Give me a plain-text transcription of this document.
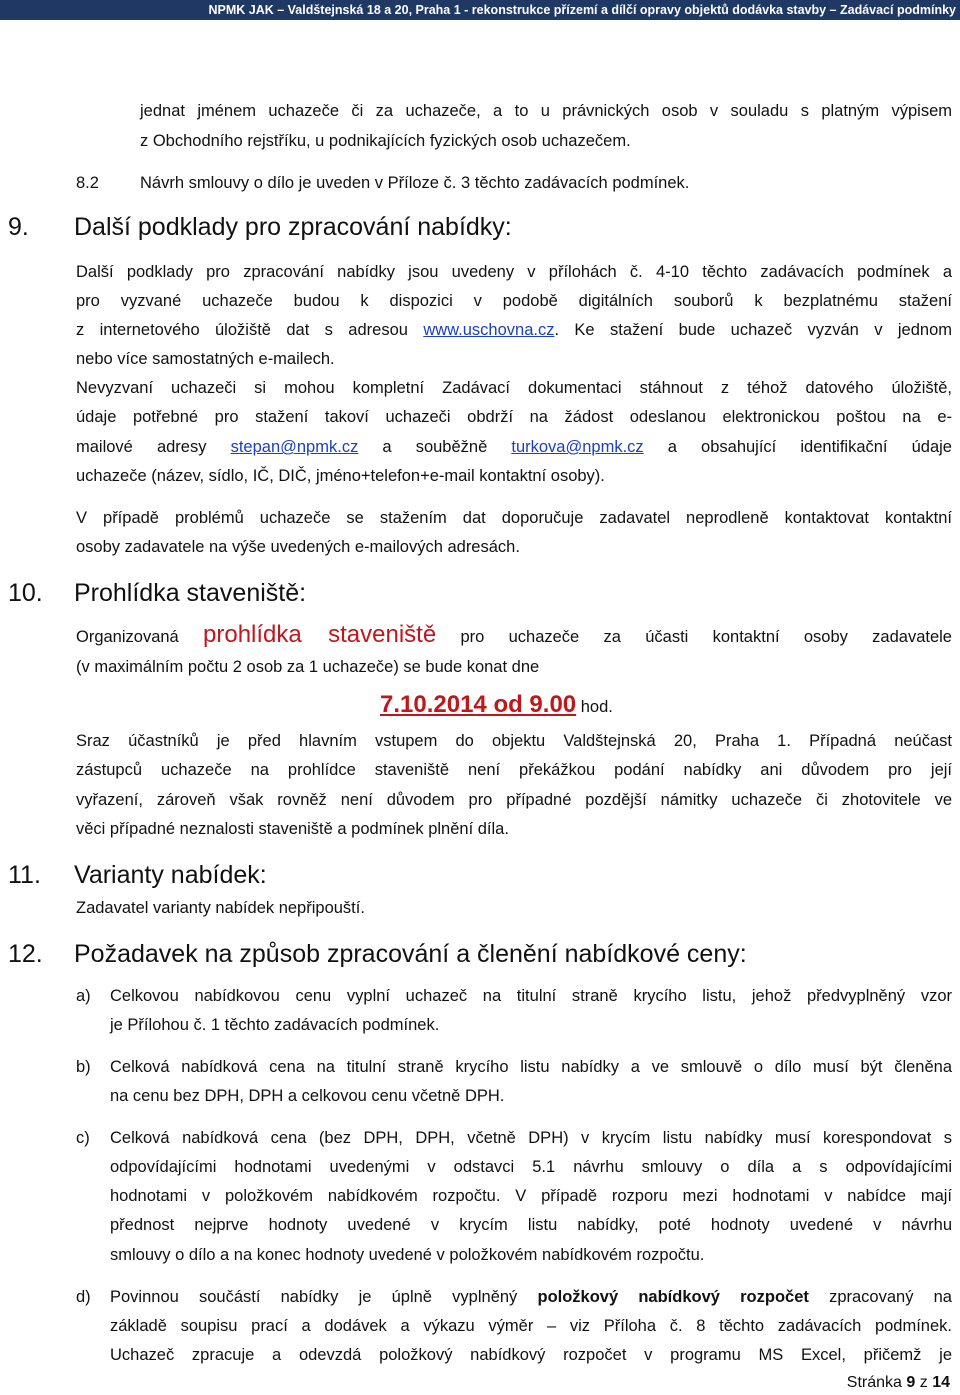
NPMK JAK – Valdštejnská 18 a 20, Praha 1 - rekonstrukce přízemí a dílčí opravy objektů dodávka stavby – Zadávací podmínky
jednat jménem uchazeče či za uchazeče, a to u právnických osob v souladu s platným výpisem
z Obchodního rejstříku, u podnikajících fyzických osob uchazečem.
8.2 Návrh smlouvy o dílo je uveden v Příloze č. 3 těchto zadávacích podmínek.
9. Další podklady pro zpracování nabídky:
Další podklady pro zpracování nabídky jsou uvedeny v přílohách č. 4-10 těchto zadávacích podmínek a
pro vyzvané uchazeče budou k dispozici v podobě digitálních souborů k bezplatnému stažení
z internetového úložiště dat s adresou www.uschovna.cz. Ke stažení bude uchazeč vyzván v jednom
nebo více samostatných e-mailech.
Nevyzvaní uchazeči si mohou kompletní Zadávací dokumentaci stáhnout z téhož datového úložiště,
údaje potřebné pro stažení takoví uchazeči obdrží na žádost odeslanou elektronickou poštou na e-
mailové adresy stepan@npmk.cz a souběžně turkova@npmk.cz a obsahující identifikační údaje
uchazeče (název, sídlo, IČ, DIČ, jméno+telefon+e-mail kontaktní osoby).
V případě problémů uchazeče se stažením dat doporučuje zadavatel neprodleně kontaktovat kontaktní
osoby zadavatele na výše uvedených e-mailových adresách.
10. Prohlídka staveniště:
Organizovaná prohlídka staveniště pro uchazeče za účasti kontaktní osoby zadavatele
(v maximálním počtu 2 osob za 1 uchazeče) se bude konat dne
7.10.2014 od 9.00 hod.
Sraz účastníků je před hlavním vstupem do objektu Valdštejnská 20, Praha 1. Případná neúčast
zástupců uchazeče na prohlídce staveniště není překážkou podání nabídky ani důvodem pro její
vyřazení, zároveň však rovněž není důvodem pro případné pozdější námitky uchazeče či zhotovitele ve
věci případné neznalosti staveniště a podmínek plnění díla.
11. Varianty nabídek:
Zadavatel varianty nabídek nepřipouští.
12. Požadavek na způsob zpracování a členění nabídkové ceny:
a) Celkovou nabídkovou cenu vyplní uchazeč na titulní straně krycího listu, jehož předvyplněný vzor
je Přílohou č. 1 těchto zadávacích podmínek.
b) Celková nabídková cena na titulní straně krycího listu nabídky a ve smlouvě o dílo musí být členěna
na cenu bez DPH, DPH a celkovou cenu včetně DPH.
c) Celková nabídková cena (bez DPH, DPH, včetně DPH) v krycím listu nabídky musí korespondovat s
odpovídajícími hodnotami uvedenými v odstavci 5.1 návrhu smlouvy o díla a s odpovídajícími
hodnotami v položkovém nabídkovém rozpočtu. V případě rozporu mezi hodnotami v nabídce mají
přednost nejprve hodnoty uvedené v krycím listu nabídky, poté hodnoty uvedené v návrhu
smlouvy o dílo a na konec hodnoty uvedené v položkovém nabídkovém rozpočtu.
d) Povinnou součástí nabídky je úplně vyplněný položkový nabídkový rozpočet zpracovaný na
základě soupisu prací a dodávek a výkazu výměr – viz Příloha č. 8 těchto zadávacích podmínek.
Uchazeč zpracuje a odevzdá položkový nabídkový rozpočet v programu MS Excel, přičemž je
Stránka 9 z 14
